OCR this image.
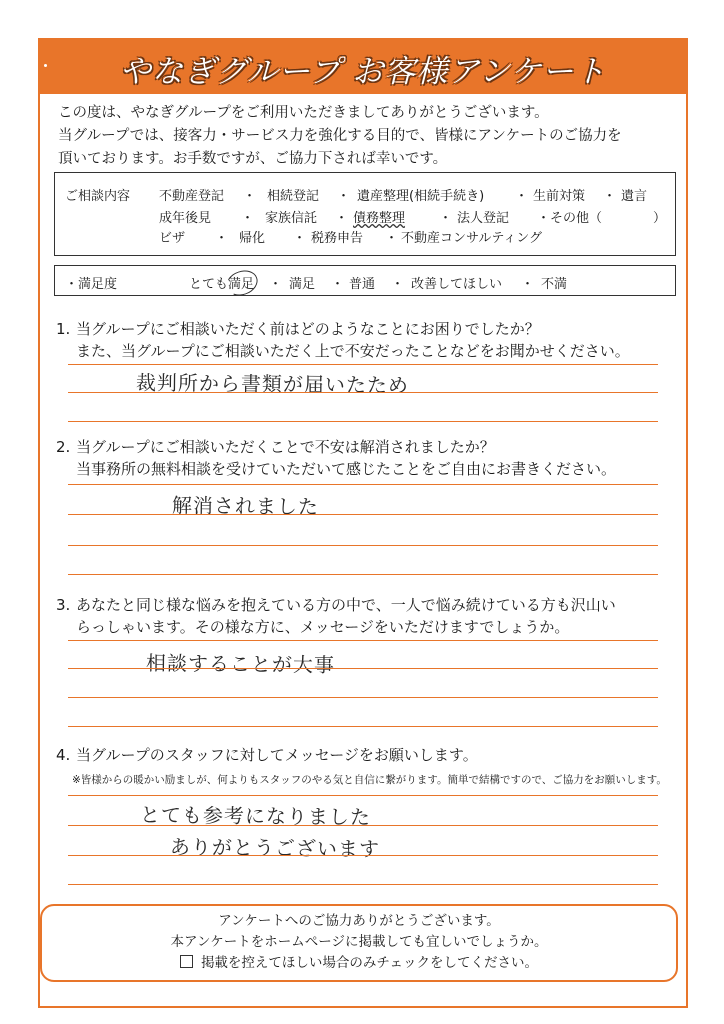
やなぎグループ お客様アンケート
この度は、やなぎグループをご利用いただきましてありがとうございます。
当グループでは、接客力・サービス力を強化する目的で、皆様にアンケートのご協力を
頂いております。お手数ですが、ご協力下されば幸いです。
ご相談内容 不動産登記 ・ 相続登記 ・ 遺産整理(相続手続き) ・ 生前対策 ・ 遺言
成年後見 ・ 家族信託 ・ 債務整理	・ 法人登記 ・その他（	）
ビザ ・ 帰化 ・ 税務申告 ・ 不動産コンサルティング
・満足度	とても満足 ・ 満足 ・ 普通 ・ 改善してほしい ・ 不満
1. 当グループにご相談いただく前はどのようなことにお困りでしたか？
また、当グループにご相談いただく上で不安だったことなどをお聞かせください。
裁判所から書類が届いたため
2. 当グループにご相談いただくことで不安は解消されましたか？
当事務所の無料相談を受けていただいて感じたことをご自由にお書きください。
解消されました
3. あなたと同じ様な悩みを抱えている方の中で、一人で悩み続けている方も沢山い
らっしゃいます。その様な方に、メッセージをいただけますでしょうか。
相談することが大事
4. 当グループのスタッフに対してメッセージをお願いします。
※皆様からの暖かい励ましが、何よりもスタッフのやる気と自信に繋がります。簡単で結構ですので、ご協力をお願いします。
とても参考になりました
ありがとうございます
アンケートへのご協力ありがとうございます。
本アンケートをホームページに掲載しても宜しいでしょうか。
掲載を控えてほしい場合のみチェックをしてください。
